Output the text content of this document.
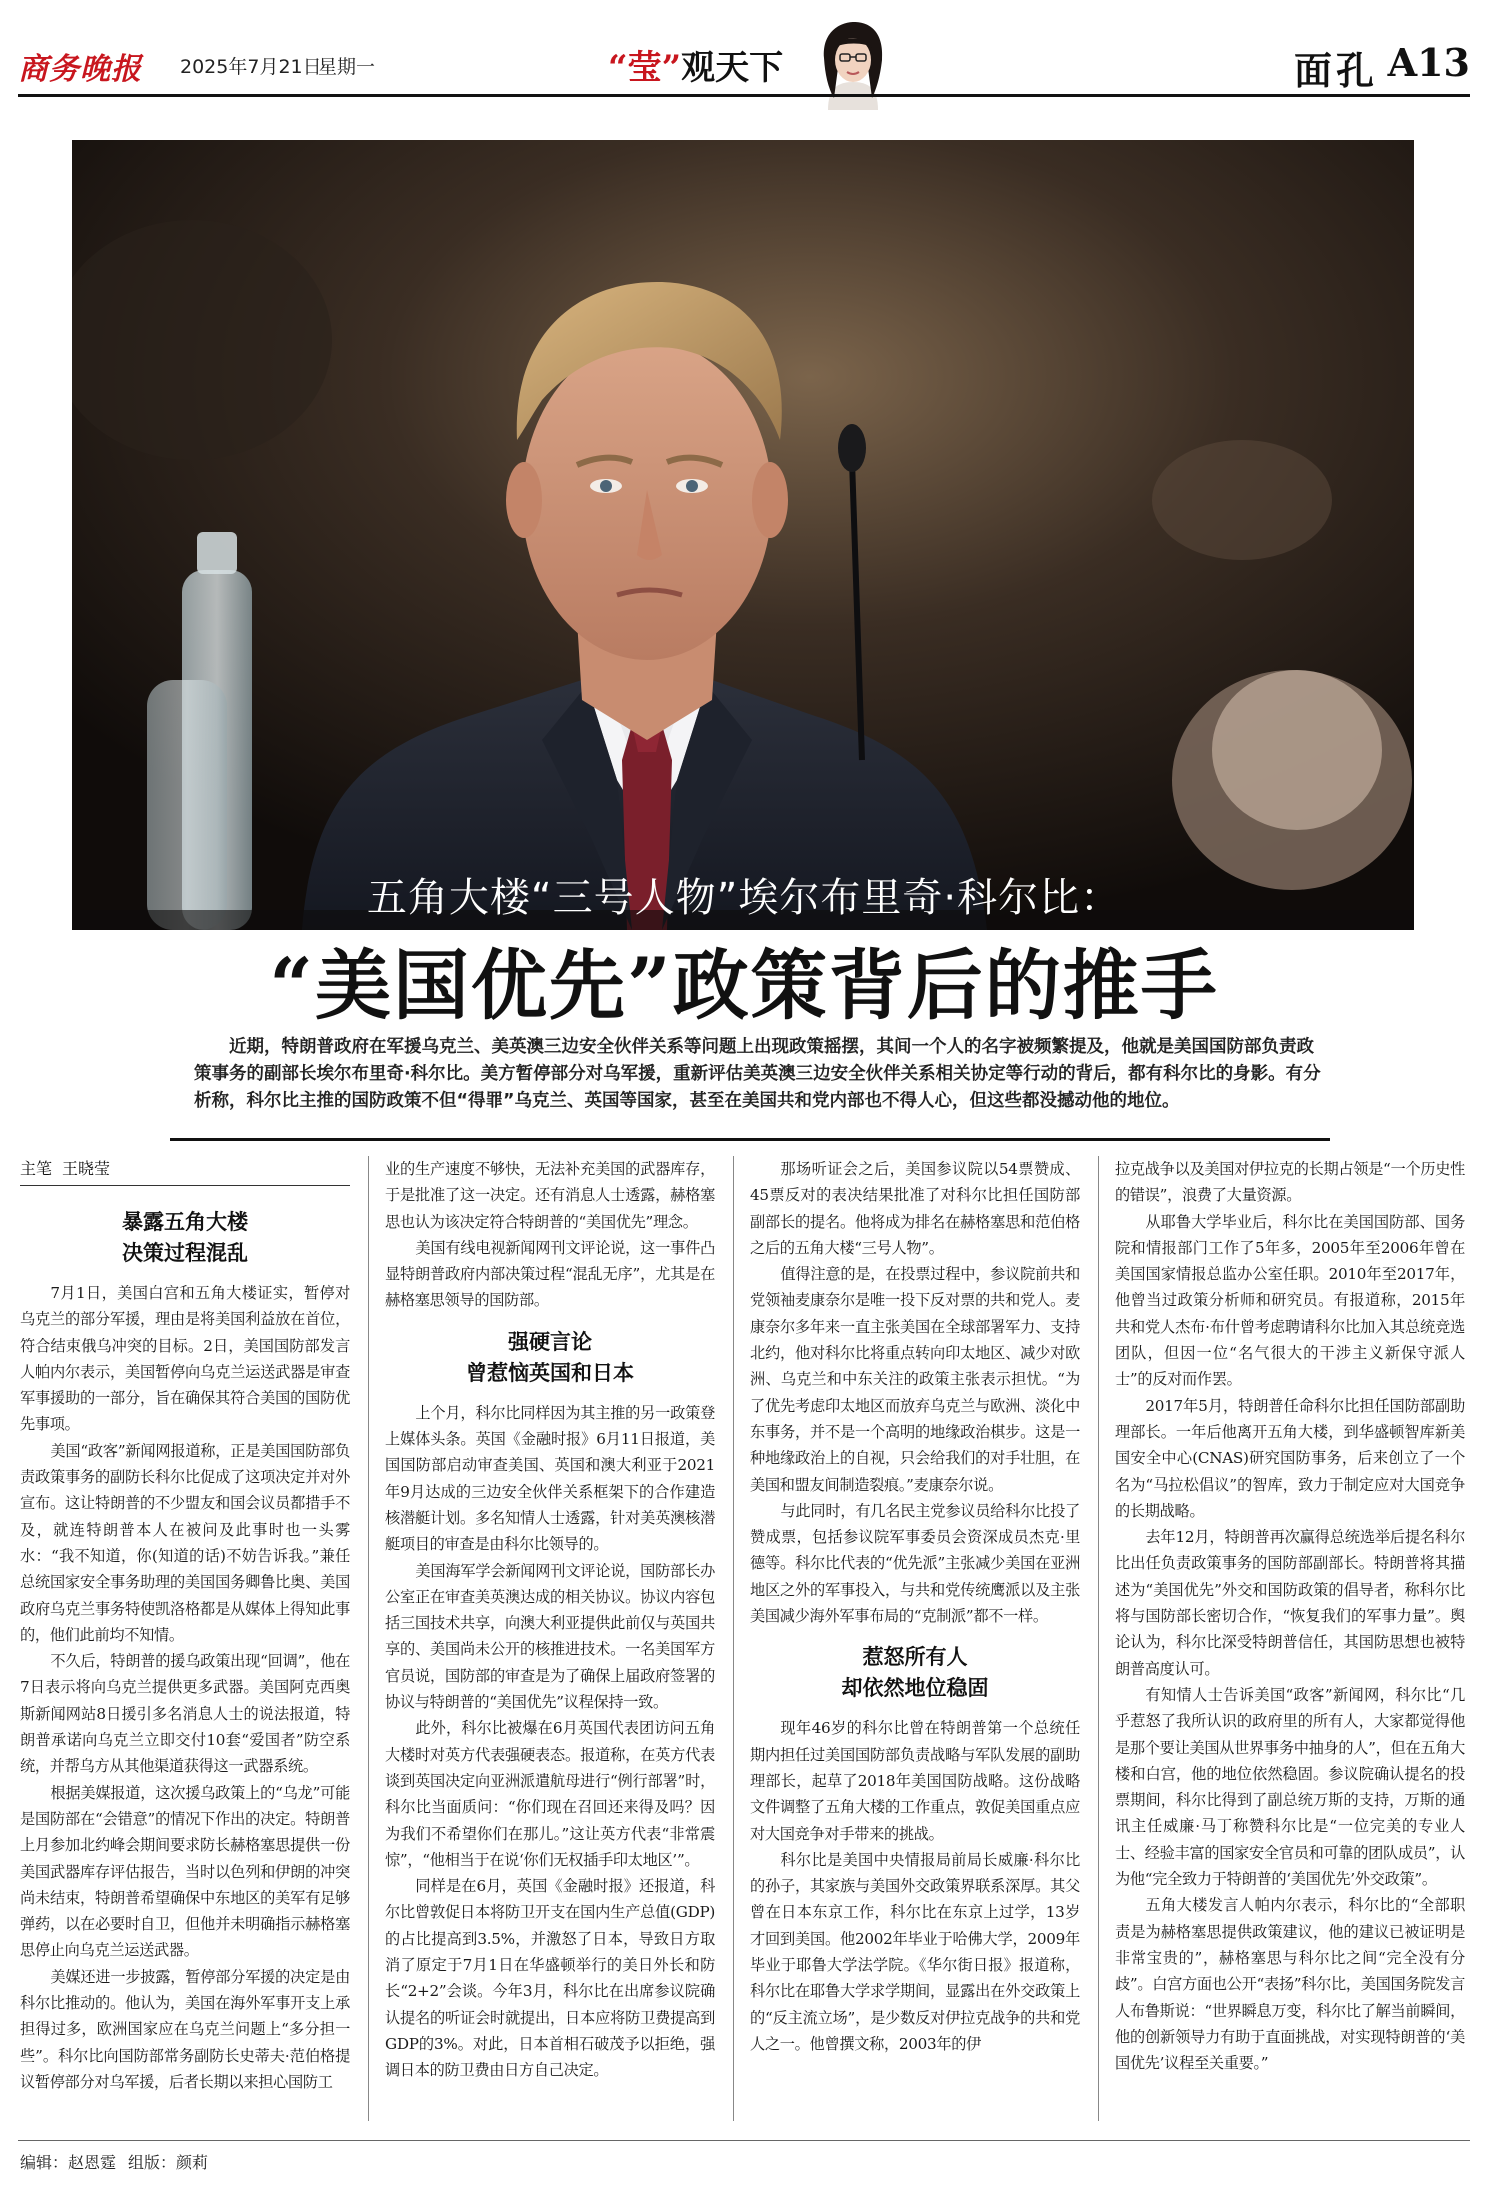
商务晚报 2025年7月21日
星期一	“莹”观天下	面孔 A13
五角大楼“三号人物”埃尔布里奇·科尔比：
“美国优先”政策背后的推手
近期，特朗普政府在军援乌克兰、美英澳三边安全伙伴关系等问题上出现政策摇摆，其间一个人的名字被频繁提及，他就是美国国防部负责政策事务的副部长埃尔布里奇·科尔比。美方暂停部分对乌军援，重新评估美英澳三边安全伙伴关系相关协定等行动的背后，都有科尔比的身影。有分析称，科尔比主推的国防政策不但“得罪”乌克兰、英国等国家，甚至在美国共和党内部也不得人心，但这些都没撼动他的地位。
主笔 王晓莹
暴露五角大楼
决策过程混乱

7月1日，美国白宫和五角大楼证实，暂停对乌克兰的部分军援，理由是将美国利益放在首位，符合结束俄乌冲突的目标。2日，美国国防部发言人帕内尔表示，美国暂停向乌克兰运送武器是审查军事援助的一部分，旨在确保其符合美国的国防优先事项。

美国“政客”新闻网报道称，正是美国国防部负责政策事务的副防长科尔比促成了这项决定并对外宣布。这让特朗普的不少盟友和国会议员都措手不及，就连特朗普本人在被问及此事时也一头雾水：“我不知道，你(知道的话)不妨告诉我。”兼任总统国家安全事务助理的美国国务卿鲁比奥、美国政府乌克兰事务特使凯洛格都是从媒体上得知此事的，他们此前均不知情。

不久后，特朗普的援乌政策出现“回调”，他在7日表示将向乌克兰提供更多武器。美国阿克西奥斯新闻网站8日援引多名消息人士的说法报道，特朗普承诺向乌克兰立即交付10套“爱国者”防空系统，并帮乌方从其他渠道获得这一武器系统。

根据美媒报道，这次援乌政策上的“乌龙”可能是国防部在“会错意”的情况下作出的决定。特朗普上月参加北约峰会期间要求防长赫格塞思提供一份美国武器库存评估报告，当时以色列和伊朗的冲突尚未结束，特朗普希望确保中东地区的美军有足够弹药，以在必要时自卫，但他并未明确指示赫格塞思停止向乌克兰运送武器。

美媒还进一步披露，暂停部分军援的决定是由科尔比推动的。他认为，美国在海外军事开支上承担得过多，欧洲国家应在乌克兰问题上“多分担一些”。科尔比向国防部常务副防长史蒂夫·范伯格提议暂停部分对乌军援，后者长期以来担心国防工

业的生产速度不够快，无法补充美国的武器库存，于是批准了这一决定。还有消息人士透露，赫格塞思也认为该决定符合特朗普的“美国优先”理念。

美国有线电视新闻网刊文评论说，这一事件凸显特朗普政府内部决策过程“混乱无序”，尤其是在赫格塞思领导的国防部。

强硬言论
曾惹恼英国和日本

上个月，科尔比同样因为其主推的另一政策登上媒体头条。英国《金融时报》6月11日报道，美国国防部启动审查美国、英国和澳大利亚于2021年9月达成的三边安全伙伴关系框架下的合作建造核潜艇计划。多名知情人士透露，针对美英澳核潜艇项目的审查是由科尔比领导的。

美国海军学会新闻网刊文评论说，国防部长办公室正在审查美英澳达成的相关协议。协议内容包括三国技术共享，向澳大利亚提供此前仅与英国共享的、美国尚未公开的核推进技术。一名美国军方官员说，国防部的审查是为了确保上届政府签署的协议与特朗普的“美国优先”议程保持一致。

此外，科尔比被爆在6月英国代表团访问五角大楼时对英方代表强硬表态。报道称，在英方代表谈到英国决定向亚洲派遣航母进行“例行部署”时，科尔比当面质问：“你们现在召回还来得及吗？因为我们不希望你们在那儿。”这让英方代表“非常震惊”，“他相当于在说‘你们无权插手印太地区’”。

同样是在6月，英国《金融时报》还报道，科尔比曾敦促日本将防卫开支在国内生产总值(GDP)的占比提高到3.5%，并激怒了日本，导致日方取消了原定于7月1日在华盛顿举行的美日外长和防长“2+2”会谈。今年3月，科尔比在出席参议院确认提名的听证会时就提出，日本应将防卫费提高到GDP的3%。对此，日本首相石破茂予以拒绝，强调日本的防卫费由日方自己决定。

那场听证会之后，美国参议院以54票赞成、45票反对的表决结果批准了对科尔比担任国防部副部长的提名。他将成为排名在赫格塞思和范伯格之后的五角大楼“三号人物”。

值得注意的是，在投票过程中，参议院前共和党领袖麦康奈尔是唯一投下反对票的共和党人。麦康奈尔多年来一直主张美国在全球部署军力、支持北约，他对科尔比将重点转向印太地区、减少对欧洲、乌克兰和中东关注的政策主张表示担忧。“为了优先考虑印太地区而放弃乌克兰与欧洲、淡化中东事务，并不是一个高明的地缘政治棋步。这是一种地缘政治上的自视，只会给我们的对手壮胆，在美国和盟友间制造裂痕。”麦康奈尔说。

与此同时，有几名民主党参议员给科尔比投了赞成票，包括参议院军事委员会资深成员杰克·里德等。科尔比代表的“优先派”主张减少美国在亚洲地区之外的军事投入，与共和党传统鹰派以及主张美国减少海外军事布局的“克制派”都不一样。

惹怒所有人
却依然地位稳固

现年46岁的科尔比曾在特朗普第一个总统任期内担任过美国国防部负责战略与军队发展的副助理部长，起草了2018年美国国防战略。这份战略文件调整了五角大楼的工作重点，敦促美国重点应对大国竞争对手带来的挑战。

科尔比是美国中央情报局前局长威廉·科尔比的孙子，其家族与美国外交政策界联系深厚。其父曾在日本东京工作，科尔比在东京上过学，13岁才回到美国。他2002年毕业于哈佛大学，2009年毕业于耶鲁大学法学院。《华尔街日报》报道称，科尔比在耶鲁大学求学期间，显露出在外交政策上的“反主流立场”，是少数反对伊拉克战争的共和党人之一。他曾撰文称，2003年的伊

拉克战争以及美国对伊拉克的长期占领是“一个历史性的错误”，浪费了大量资源。

从耶鲁大学毕业后，科尔比在美国国防部、国务院和情报部门工作了5年多，2005年至2006年曾在美国国家情报总监办公室任职。2010年至2017年，他曾当过政策分析师和研究员。有报道称，2015年共和党人杰布·布什曾考虑聘请科尔比加入其总统竞选团队，但因一位“名气很大的干涉主义新保守派人士”的反对而作罢。

2017年5月，特朗普任命科尔比担任国防部副助理部长。一年后他离开五角大楼，到华盛顿智库新美国安全中心(CNAS)研究国防事务，后来创立了一个名为“马拉松倡议”的智库，致力于制定应对大国竞争的长期战略。

去年12月，特朗普再次赢得总统选举后提名科尔比出任负责政策事务的国防部副部长。特朗普将其描述为“美国优先”外交和国防政策的倡导者，称科尔比将与国防部长密切合作，“恢复我们的军事力量”。舆论认为，科尔比深受特朗普信任，其国防思想也被特朗普高度认可。

有知情人士告诉美国“政客”新闻网，科尔比“几乎惹怒了我所认识的政府里的所有人，大家都觉得他是那个要让美国从世界事务中抽身的人”，但在五角大楼和白宫，他的地位依然稳固。参议院确认提名的投票期间，科尔比得到了副总统万斯的支持，万斯的通讯主任威廉·马丁称赞科尔比是“一位完美的专业人士、经验丰富的国家安全官员和可靠的团队成员”，认为他“完全致力于特朗普的‘美国优先’外交政策”。

五角大楼发言人帕内尔表示，科尔比的“全部职责是为赫格塞思提供政策建议，他的建议已被证明是非常宝贵的”，赫格塞思与科尔比之间“完全没有分歧”。白宫方面也公开“表扬”科尔比，美国国务院发言人布鲁斯说：“世界瞬息万变，科尔比了解当前瞬间，他的创新领导力有助于直面挑战，对实现特朗普的‘美国优先’议程至关重要。”

编辑：赵恩霆 组版：颜莉
